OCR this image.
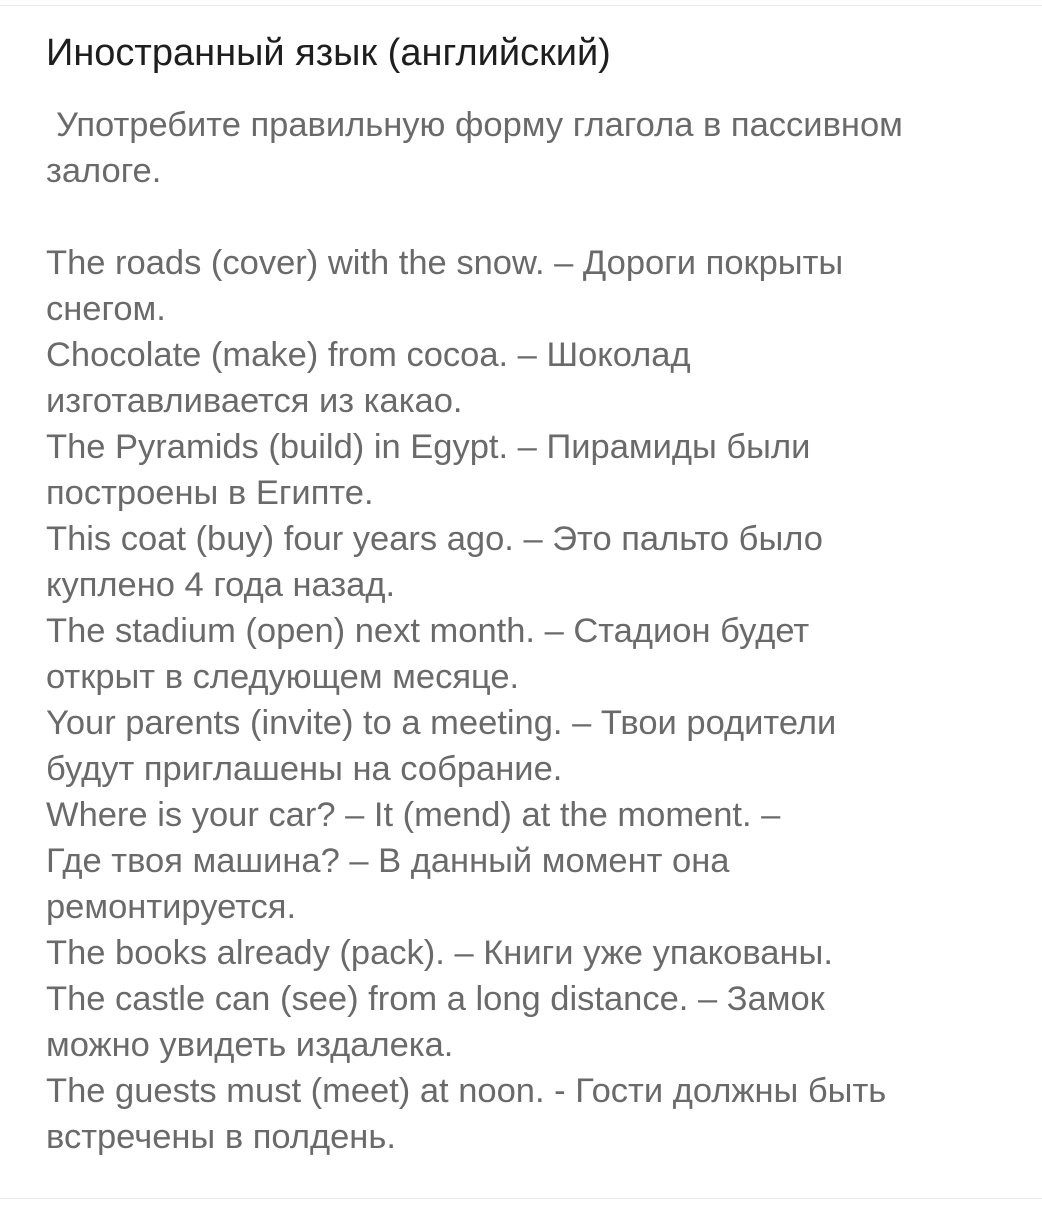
Иностранный язык (английский)
Употребите правильную форму глагола в пассивном
залоге.
The roads (cover) with the snow. – Дороги покрыты
снегом.
Chocolate (make) from cocoa. – Шоколад
изготавливается из какао.
The Pyramids (build) in Egypt. – Пирамиды были
построены в Египте.
This coat (buy) four years ago. – Это пальто было
куплено 4 года назад.
The stadium (open) next month. – Стадион будет
открыт в следующем месяце.
Your parents (invite) to a meeting. – Твои родители
будут приглашены на собрание.
Where is your car? – It (mend) at the moment. –
Где твоя машина? – В данный момент она
ремонтируется.
The books already (pack). – Книги уже упакованы.
The castle can (see) from a long distance. – Замок
можно увидеть издалека.
The guests must (meet) at noon. - Гости должны быть
встречены в полдень.
